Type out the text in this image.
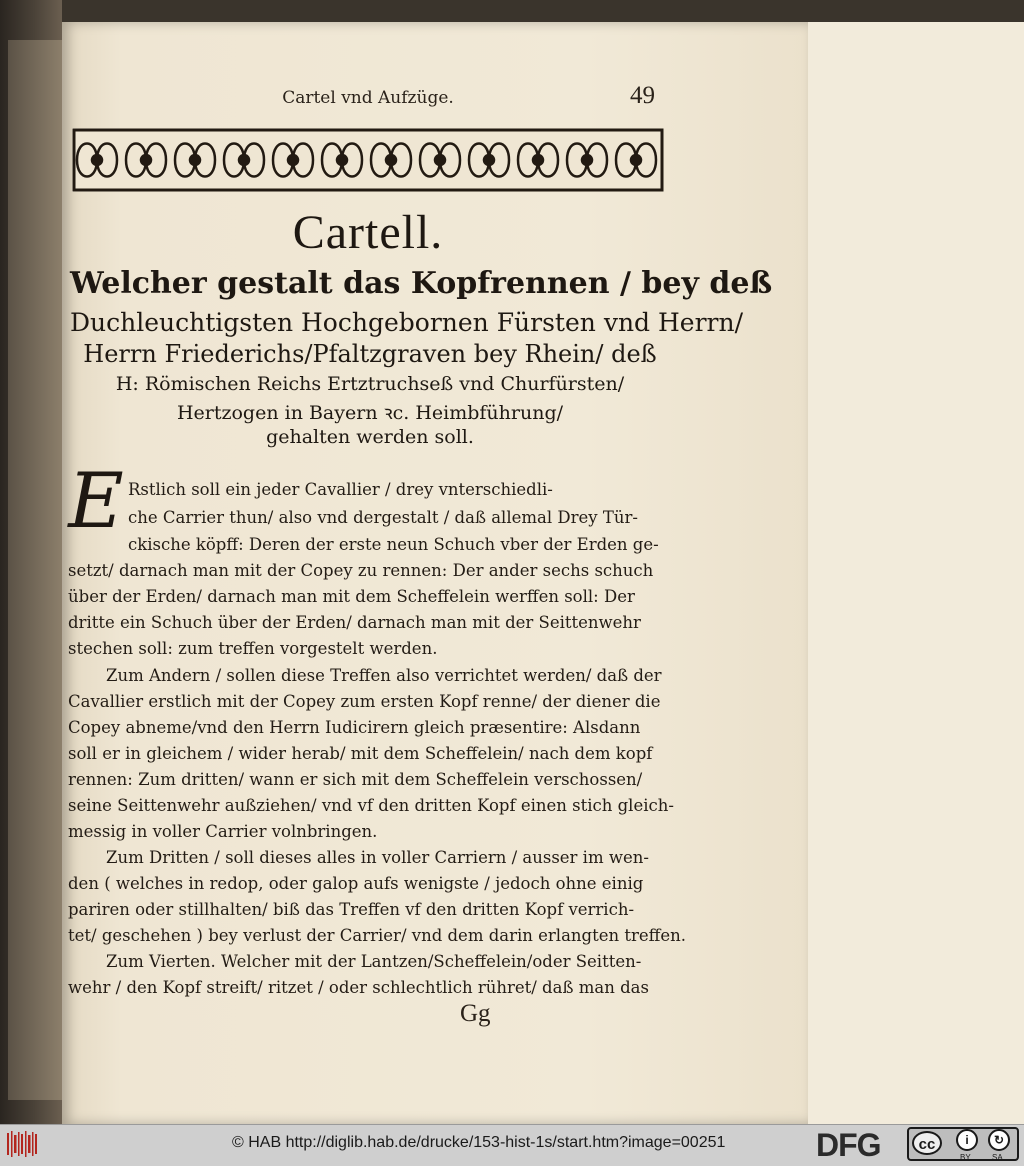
Cartel vnd Aufzüge.	49
Cartell.
Welcher gestalt das Kopfrennen / bey deß
Duchleuchtigsten Hochgebornen Fürsten vnd Herrn/
Herrn Friederichs/Pfaltzgraven bey Rhein/ deß
H: Römischen Reichs Ertztruchseß vnd Churfürsten/
Hertzogen in Bayern ꝛc. Heimbführung/
gehalten werden soll.
E Rstlich soll ein jeder Cavallier / drey vnterschiedli-
che Carrier thun/ also vnd dergestalt / daß allemal Drey Tür-
ckische köpff: Deren der erste neun Schuch vber der Erden ge-
setzt/ darnach man mit der Copey zu rennen: Der ander sechs schuch
über der Erden/ darnach man mit dem Scheffelein werffen soll: Der
dritte ein Schuch über der Erden/ darnach man mit der Seittenwehr
stechen soll: zum treffen vorgestelt werden.
Zum Andern / sollen diese Treffen also verrichtet werden/ daß der
Cavallier erstlich mit der Copey zum ersten Kopf renne/ der diener die
Copey abneme/vnd den Herrn Iudicirern gleich præsentire: Alsdann
soll er in gleichem / wider herab/ mit dem Scheffelein/ nach dem kopf
rennen: Zum dritten/ wann er sich mit dem Scheffelein verschossen/
seine Seittenwehr außziehen/ vnd vf den dritten Kopf einen stich gleich-
messig in voller Carrier volnbringen.
Zum Dritten / soll dieses alles in voller Carriern / ausser im wen-
den ( welches in redop, oder galop aufs wenigste / jedoch ohne einig
pariren oder stillhalten/ biß das Treffen vf den dritten Kopf verrich-
tet/ geschehen ) bey verlust der Carrier/ vnd dem darin erlangten treffen.
Zum Vierten. Welcher mit der Lantzen/Scheffelein/oder Seitten-
wehr / den Kopf streift/ ritzet / oder schlechtlich rühret/ daß man das
Gg
© HAB http://diglib.hab.de/drucke/153-hist-1s/start.htm?image=00251	DFG	cc	i	↻
BY	SA
